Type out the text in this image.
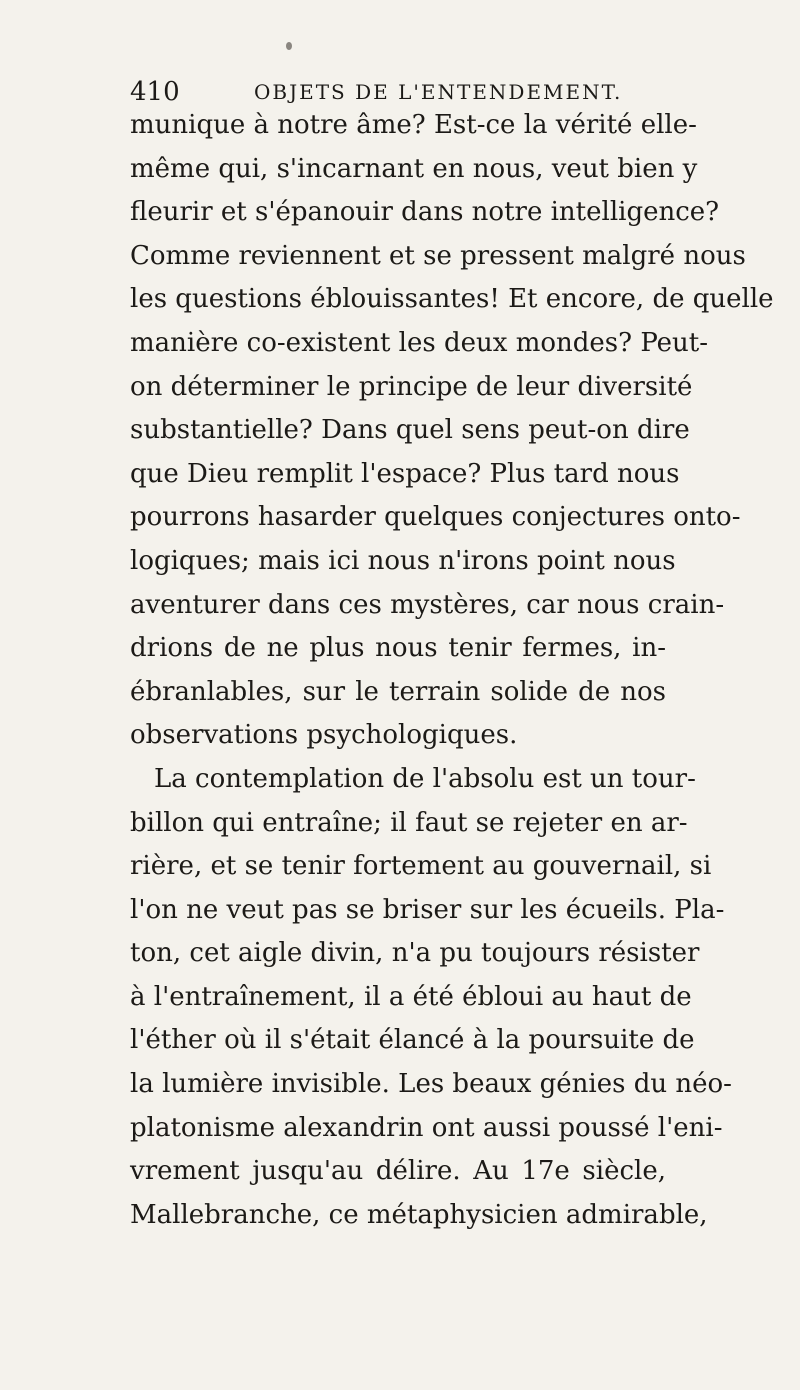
410	OBJETS DE L'ENTENDEMENT.
munique à notre âme? Est-ce la vérité elle-
même qui, s'incarnant en nous, veut bien y
fleurir et s'épanouir dans notre intelligence?
Comme reviennent et se pressent malgré nous
les questions éblouissantes! Et encore, de quelle
manière co-existent les deux mondes? Peut-
on déterminer le principe de leur diversité
substantielle? Dans quel sens peut-on dire
que Dieu remplit l'espace? Plus tard nous
pourrons hasarder quelques conjectures onto-
logiques; mais ici nous n'irons point nous
aventurer dans ces mystères, car nous crain-
drions de ne plus nous tenir fermes, in-
ébranlables, sur le terrain solide de nos
observations psychologiques.
La contemplation de l'absolu est un tour-
billon qui entraîne; il faut se rejeter en ar-
rière, et se tenir fortement au gouvernail, si
l'on ne veut pas se briser sur les écueils. Pla-
ton, cet aigle divin, n'a pu toujours résister
à l'entraînement, il a été ébloui au haut de
l'éther où il s'était élancé à la poursuite de
la lumière invisible. Les beaux génies du néo-
platonisme alexandrin ont aussi poussé l'eni-
vrement jusqu'au délire. Au 17e siècle,
Mallebranche, ce métaphysicien admirable,
